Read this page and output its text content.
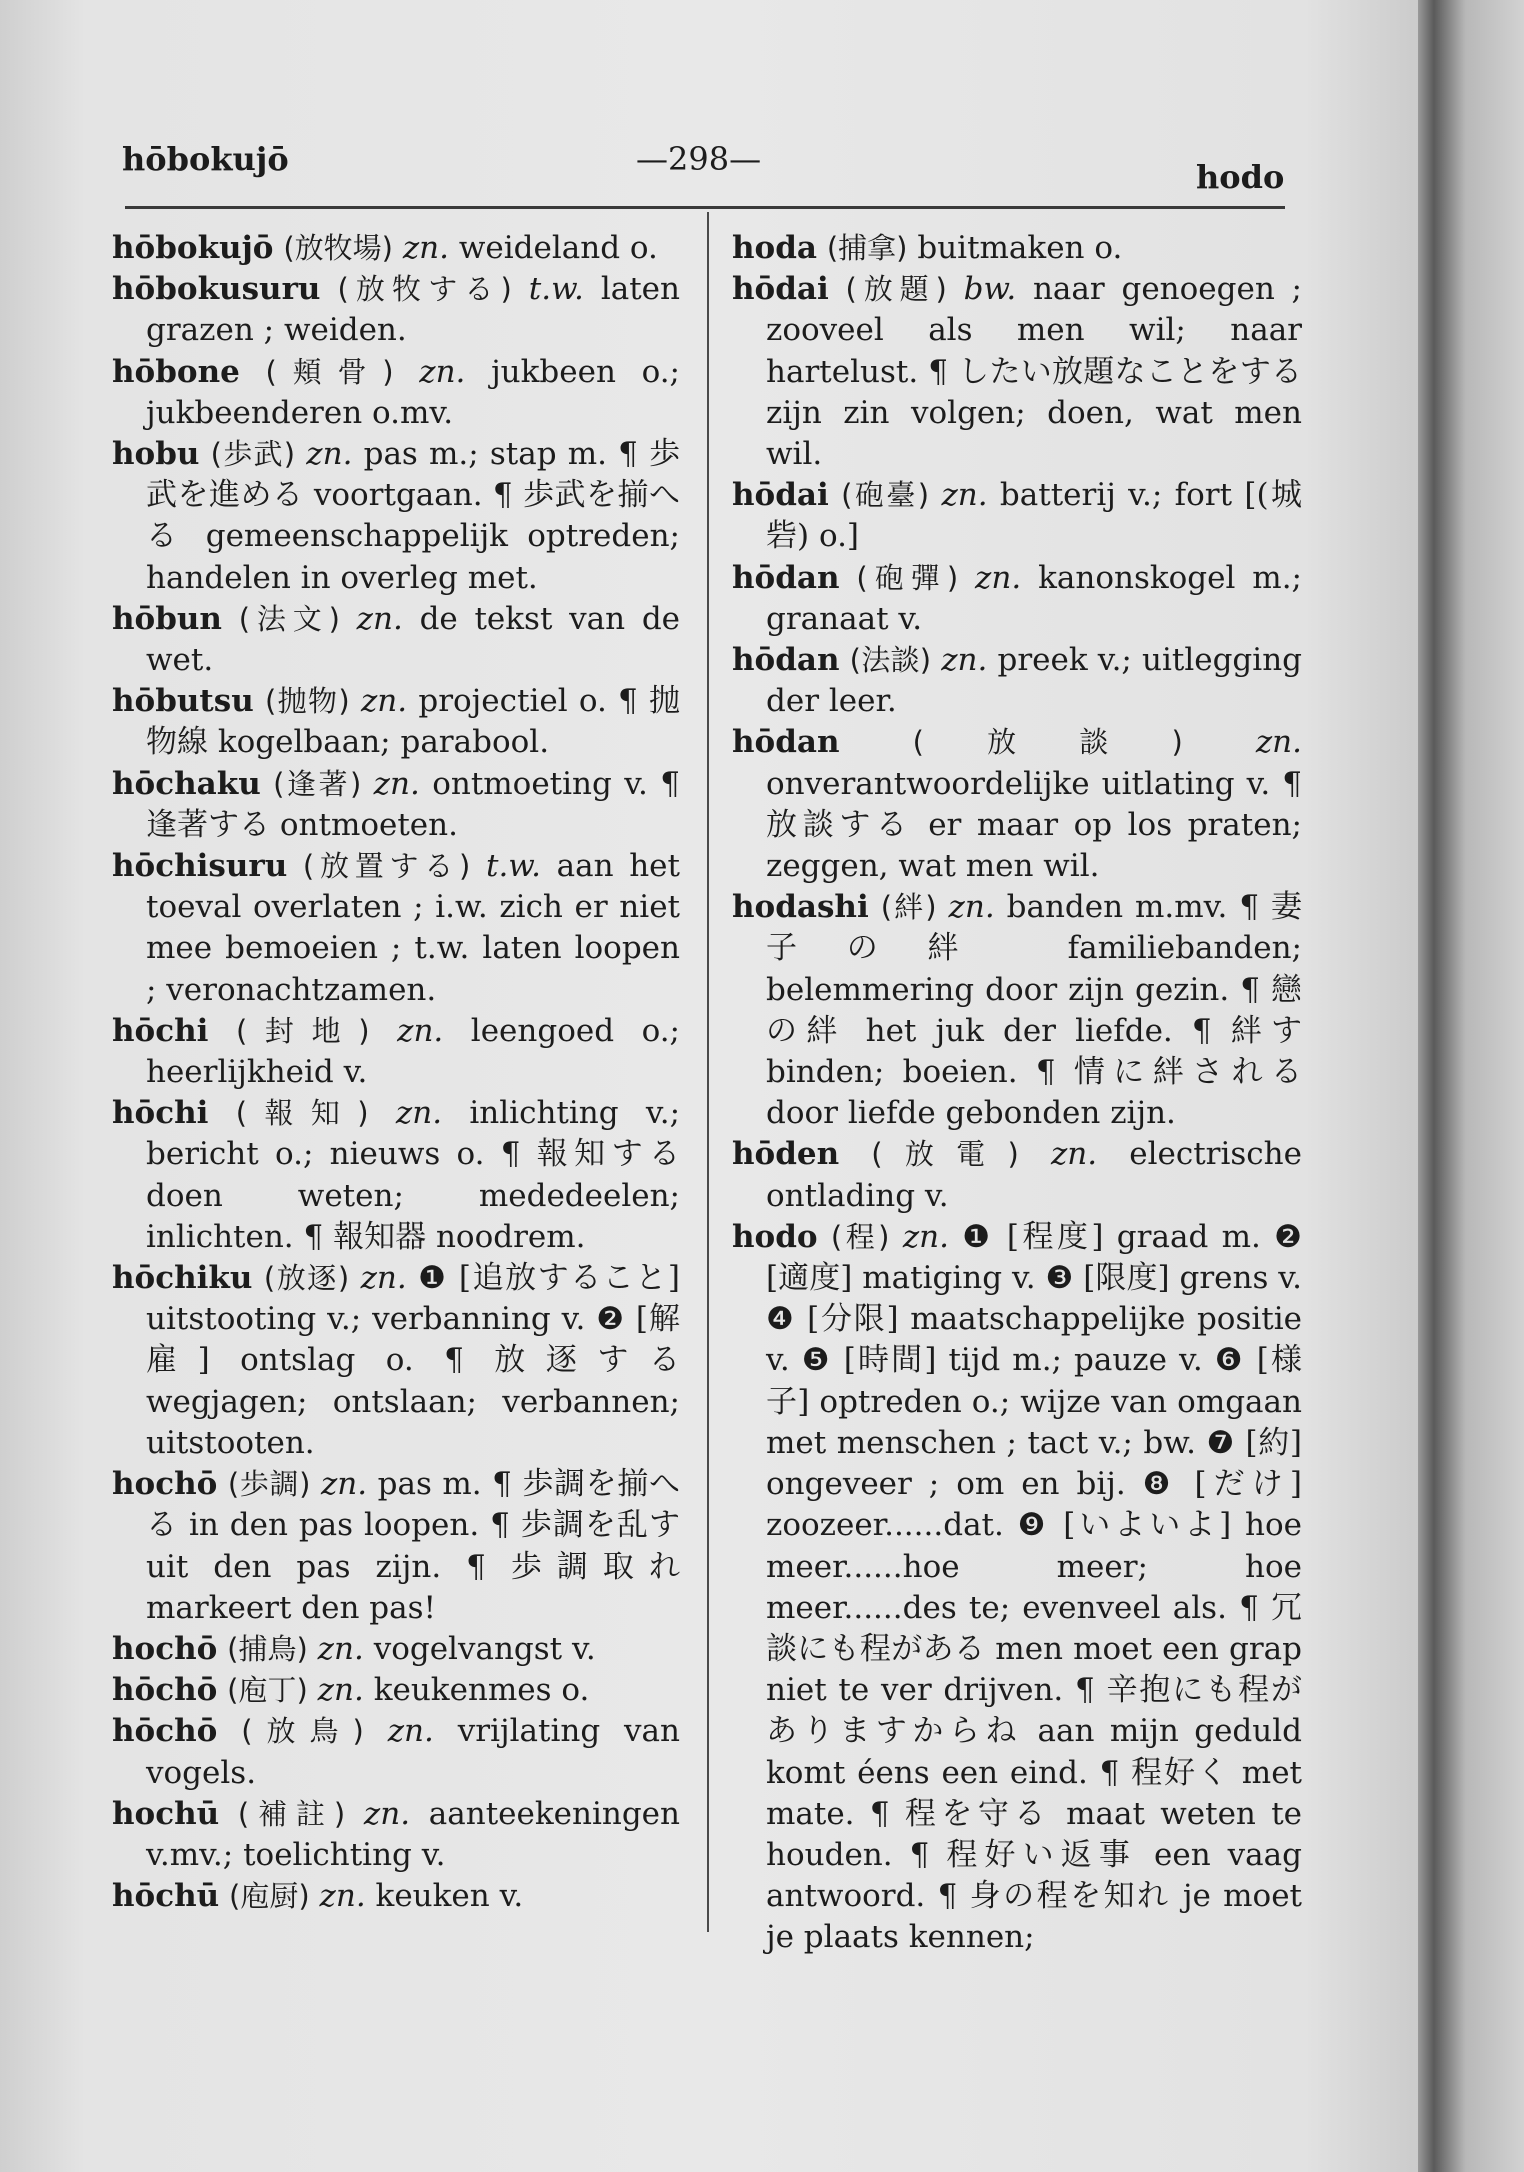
hōbokujō	—298—	hodo

hōbokujō (放牧場) zn. weideland o.

hōbokusuru (放牧する) t.w. laten grazen ; weiden.

hōbone (頬骨) zn. jukbeen o.; jukbeenderen o.mv.

hobu (歩武) zn. pas m.; stap m. ¶ 歩武を進める voortgaan. ¶ 歩武を揃へる gemeenschappelijk optreden; handelen in overleg met.

hōbun (法文) zn. de tekst van de wet.

hōbutsu (抛物) zn. projectiel o. ¶ 抛物線 kogelbaan; parabool.

hōchaku (逢著) zn. ontmoeting v. ¶ 逢著する ontmoeten.

hōchisuru (放置する) t.w. aan het toeval overlaten ; i.w. zich er niet mee bemoeien ; t.w. laten loopen ; veronachtzamen.

hōchi (封地) zn. leengoed o.; heerlijkheid v.

hōchi (報知) zn. inlichting v.; bericht o.; nieuws o. ¶ 報知する doen weten; mededeelen; inlichten. ¶ 報知器 noodrem.

hōchiku (放逐) zn. ❶ [追放すること] uitstooting v.; verbanning v. ❷ [解雇] ontslag o. ¶ 放逐する wegjagen; ontslaan; verbannen; uitstooten.

hochō (歩調) zn. pas m. ¶ 歩調を揃へる in den pas loopen. ¶ 歩調を乱す uit den pas zijn. ¶ 歩調取れ markeert den pas!

hochō (捕鳥) zn. vogelvangst v.

hōchō (庖丁) zn. keukenmes o.

hōchō (放鳥) zn. vrijlating van vogels.

hochū (補註) zn. aanteekeningen v.mv.; toelichting v.

hōchū (庖厨) zn. keuken v.

hoda (捕拿) buitmaken o.

hōdai (放題) bw. naar genoegen ; zooveel als men wil; naar hartelust. ¶ したい放題なことをする zijn zin volgen; doen, wat men wil.

hōdai (砲臺) zn. batterij v.; fort [(城砦) o.]

hōdan (砲彈) zn. kanonskogel m.; granaat v.

hōdan (法談) zn. preek v.; uitlegging der leer.

hōdan	(放談) zn. onverantwoordelijke uitlating v. ¶ 放談する er maar op los praten; zeggen, wat men wil.

hodashi (絆) zn. banden m.mv. ¶ 妻子の絆 familiebanden; belemmering door zijn gezin. ¶ 戀の絆 het juk der liefde. ¶ 絆す binden; boeien. ¶ 情に絆される door liefde gebonden zijn.

hōden (放電) zn. electrische ontlading v.

hodo (程) zn. ❶ [程度] graad m. ❷ [適度] matiging v. ❸ [限度] grens v. ❹ [分限] maatschappelijke positie v. ❺ [時間] tijd m.; pauze v. ❻ [様子] optreden o.; wijze van omgaan met menschen ; tact v.; bw. ❼ [約] ongeveer ; om en bij. ❽ [だけ] zoozeer......dat. ❾ [いよいよ] hoe meer......hoe meer; hoe meer......des te; evenveel als. ¶ 冗談にも程がある men moet een grap niet te ver drijven. ¶ 辛抱にも程がありますからね aan mijn geduld komt éens een eind. ¶ 程好く met mate. ¶ 程を守る maat weten te houden. ¶ 程好い返事 een vaag antwoord. ¶ 身の程を知れ je moet je plaats kennen;
